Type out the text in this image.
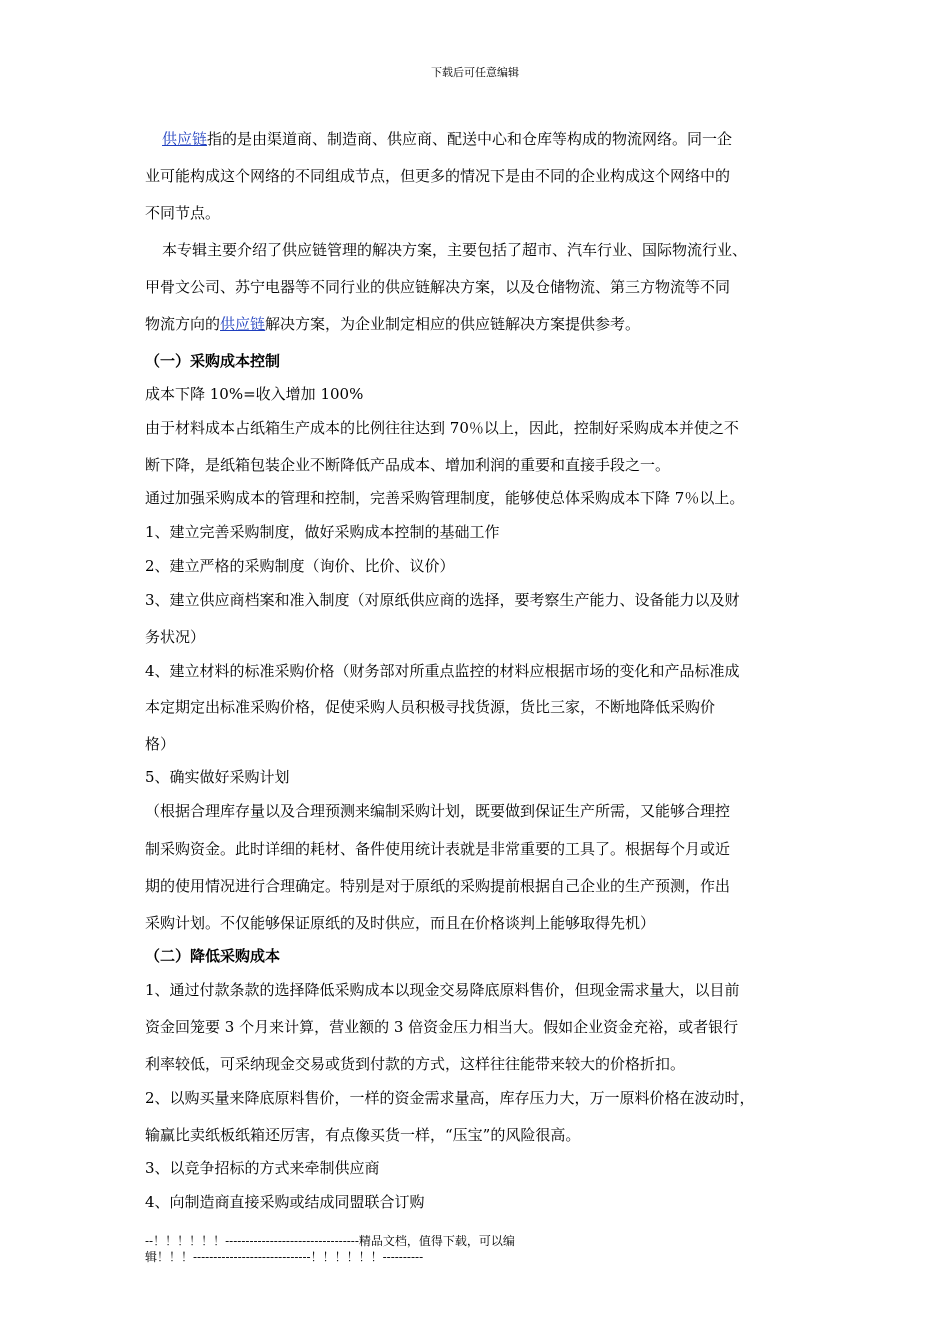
下载后可任意编辑
供应链指的是由渠道商、制造商、供应商、配送中心和仓库等构成的物流网络。同一企
业可能构成这个网络的不同组成节点，但更多的情况下是由不同的企业构成这个网络中的
不同节点。
本专辑主要介绍了供应链管理的解决方案，主要包括了超市、汽车行业、国际物流行业、
甲骨文公司、苏宁电器等不同行业的供应链解决方案，以及仓储物流、第三方物流等不同
物流方向的供应链解决方案，为企业制定相应的供应链解决方案提供参考。
（一）采购成本控制
成本下降 10%=收入增加 100%
由于材料成本占纸箱生产成本的比例往往达到 70％以上，因此，控制好采购成本并使之不
断下降，是纸箱包装企业不断降低产品成本、增加利润的重要和直接手段之一。
通过加强采购成本的管理和控制，完善采购管理制度，能够使总体采购成本下降 7％以上。
1、建立完善采购制度，做好采购成本控制的基础工作
2、建立严格的采购制度（询价、比价、议价）
3、建立供应商档案和准入制度（对原纸供应商的选择，要考察生产能力、设备能力以及财
务状况）
4、建立材料的标准采购价格（财务部对所重点监控的材料应根据市场的变化和产品标准成
本定期定出标准采购价格，促使采购人员积极寻找货源，货比三家，不断地降低采购价
格）
5、确实做好采购计划
（根据合理库存量以及合理预测来编制采购计划，既要做到保证生产所需，又能够合理控
制采购资金。此时详细的耗材、备件使用统计表就是非常重要的工具了。根据每个月或近
期的使用情况进行合理确定。特别是对于原纸的采购提前根据自己企业的生产预测，作出
采购计划。不仅能够保证原纸的及时供应，而且在价格谈判上能够取得先机）
（二）降低采购成本
1、通过付款条款的选择降低采购成本以现金交易降底原料售价，但现金需求量大，以目前
资金回笼要 3 个月来计算，营业额的 3 倍资金压力相当大。假如企业资金充裕，或者银行
利率较低，可采纳现金交易或货到付款的方式，这样往往能带来较大的价格折扣。
2、以购买量来降底原料售价，一样的资金需求量高，库存压力大，万一原料价格在波动时，
输赢比卖纸板纸箱还厉害，有点像买货一样，“压宝”的风险很高。
3、以竞争招标的方式来牵制供应商
4、向制造商直接采购或结成同盟联合订购
--！！！！！！---------------------------------精品文档，值得下载，可以编
辑！！！-----------------------------！！！！！！----------
